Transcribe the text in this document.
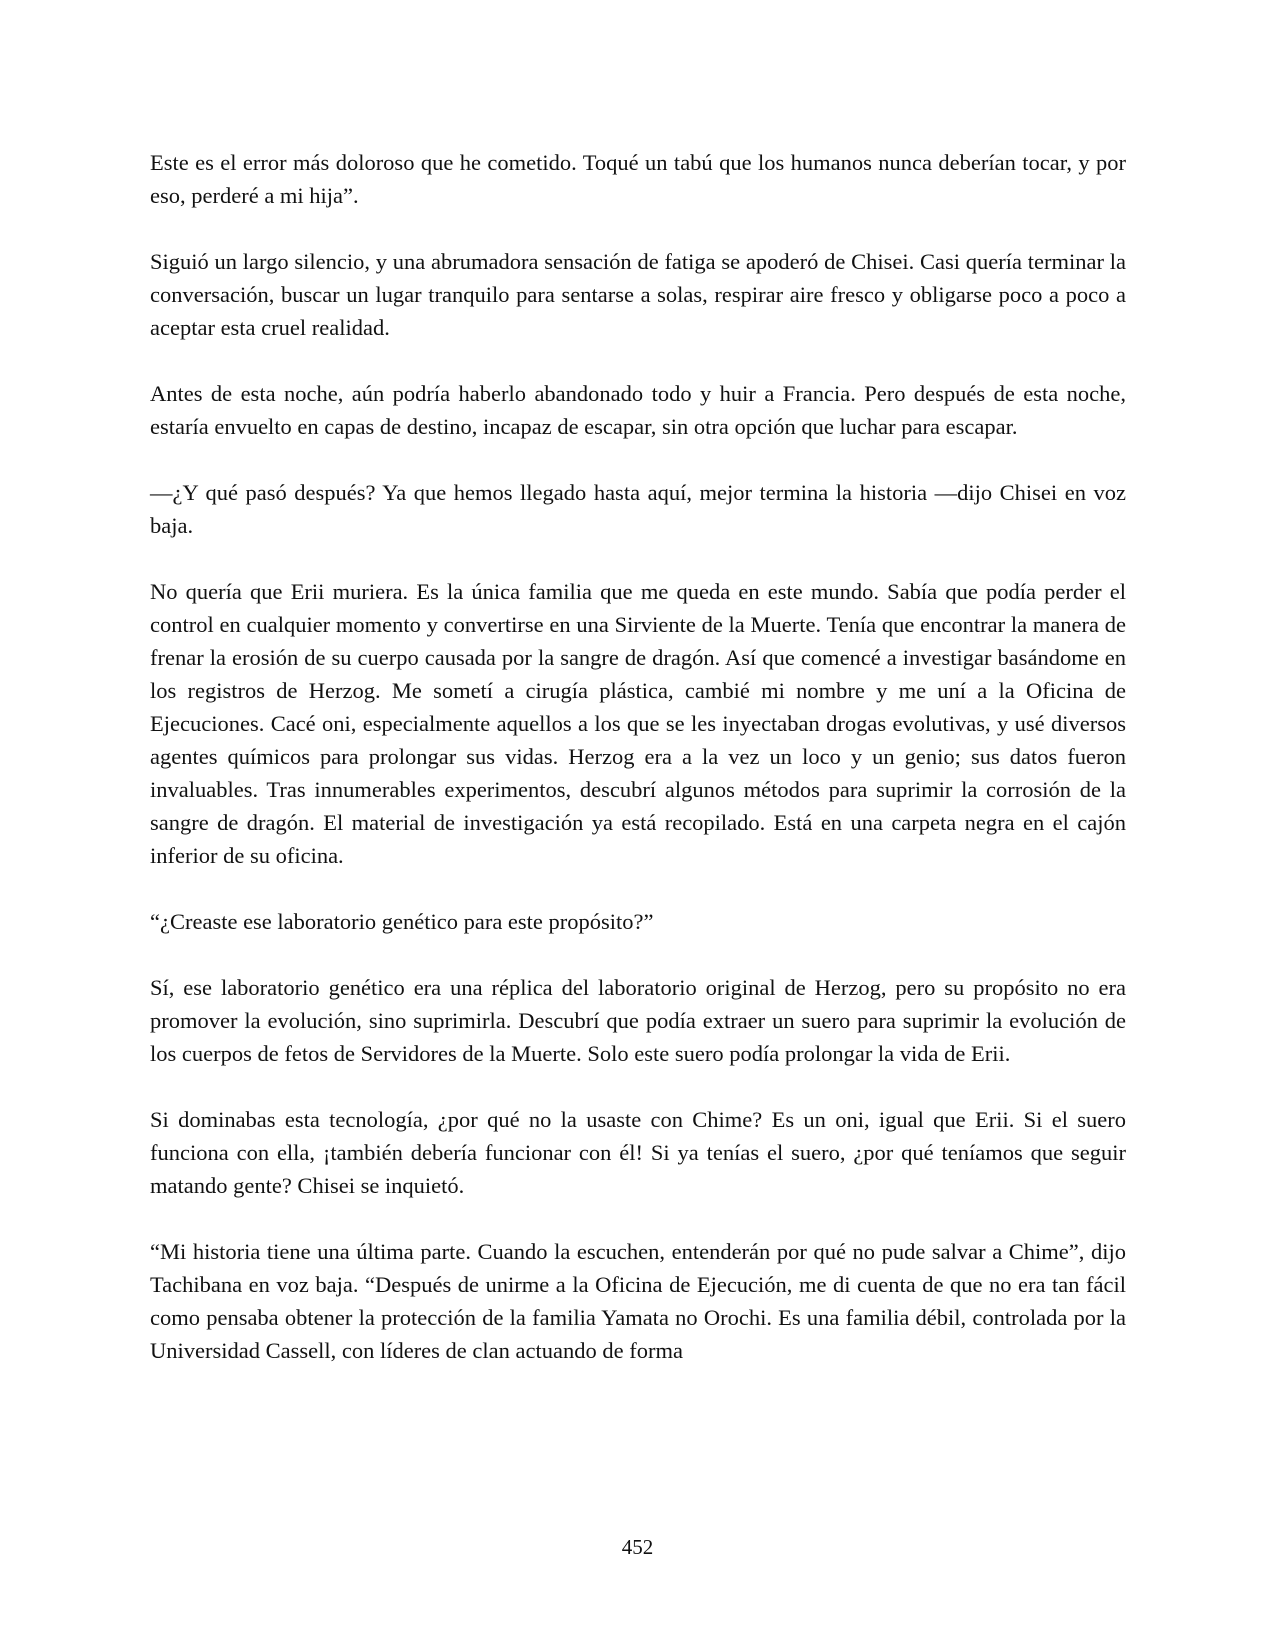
Este es el error más doloroso que he cometido. Toqué un tabú que los humanos nunca deberían tocar, y por eso, perderé a mi hija”.

Siguió un largo silencio, y una abrumadora sensación de fatiga se apoderó de Chisei. Casi quería terminar la conversación, buscar un lugar tranquilo para sentarse a solas, respirar aire fresco y obligarse poco a poco a aceptar esta cruel realidad.

Antes de esta noche, aún podría haberlo abandonado todo y huir a Francia. Pero después de esta noche, estaría envuelto en capas de destino, incapaz de escapar, sin otra opción que luchar para escapar.

—¿Y qué pasó después? Ya que hemos llegado hasta aquí, mejor termina la historia —dijo Chisei en voz baja.

No quería que Erii muriera. Es la única familia que me queda en este mundo. Sabía que podía perder el control en cualquier momento y convertirse en una Sirviente de la Muerte. Tenía que encontrar la manera de frenar la erosión de su cuerpo causada por la sangre de dragón. Así que comencé a investigar basándome en los registros de Herzog. Me sometí a cirugía plástica, cambié mi nombre y me uní a la Oficina de Ejecuciones. Cacé oni, especialmente aquellos a los que se les inyectaban drogas evolutivas, y usé diversos agentes químicos para prolongar sus vidas. Herzog era a la vez un loco y un genio; sus datos fueron invaluables. Tras innumerables experimentos, descubrí algunos métodos para suprimir la corrosión de la sangre de dragón. El material de investigación ya está recopilado. Está en una carpeta negra en el cajón inferior de su oficina.

“¿Creaste ese laboratorio genético para este propósito?”

Sí, ese laboratorio genético era una réplica del laboratorio original de Herzog, pero su propósito no era promover la evolución, sino suprimirla. Descubrí que podía extraer un suero para suprimir la evolución de los cuerpos de fetos de Servidores de la Muerte. Solo este suero podía prolongar la vida de Erii.

Si dominabas esta tecnología, ¿por qué no la usaste con Chime? Es un oni, igual que Erii. Si el suero funciona con ella, ¡también debería funcionar con él! Si ya tenías el suero, ¿por qué teníamos que seguir matando gente? Chisei se inquietó.

“Mi historia tiene una última parte. Cuando la escuchen, entenderán por qué no pude salvar a Chime”, dijo Tachibana en voz baja. “Después de unirme a la Oficina de Ejecución, me di cuenta de que no era tan fácil como pensaba obtener la protección de la familia Yamata no Orochi. Es una familia débil, controlada por la Universidad Cassell, con líderes de clan actuando de forma

452
